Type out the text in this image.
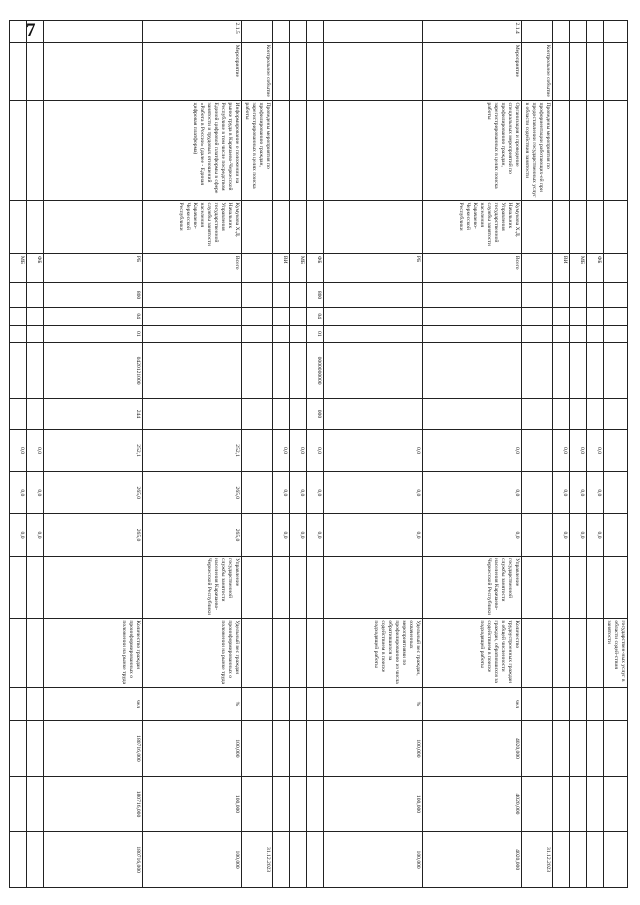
7
														государствен-ных услуг в области содей-ствия занятости				
				ФБ						0,0	0,0	0,0						
				МБ						0,0	0,0	0,0						
				ВИ						0,0	0,0	0,0						
	Контрольное событие	Проведены мероприятия по профориентации работающих-ей при предоставлении государственных услуг в области содействия занятости																31.12.2023
2.1.4	Мероприятие	Организация и проведение специальных мероприятий по профилированию граждан, зарегистрированных в целях поиска работы	Кумукова Х.Д. Начальник Управления государственной службы занятости населения Карачаево-Черкесской Республики	Всего						0,0	0,0	0,0	Управление государственной службы занятости населения Карачаево-Черкесской Республики	Количество трудоустроенных граждан в общей численности граждан, обратившихся за содействием в поиске подходящей работы	чел	4020,000	4020,000	4020,000
				РБ						0,0	0,0	0,0		Удельный вес граждан, охваченных мероприятиями по профилированию из числа обратившихся за содействием в поиске подходящей работы	%	100,000	100,000	100,000
				ФБ	800	04	01	0000000000	000	0,0	0,0	0,0						
				МБ						0,0	0,0	0,0						
				ВИ						0,0	0,0	0,0						
	Контрольное событие	Проведены мероприятия по профилированию граждан, зарегистрированных в целях поиска работы																31.12.2023
2.1.5	Мероприятие	Информирование о положении на рынке труда в Карачаево-Черкесской Республике в том числе посредством Единой цифровой платформы в сфере занятости и трудовых отношений «Работа в России» (далее - Единая цифровая платформа)	Кумукова Х.Д. Начальник Управления государственной службы занятости населения Карачаево-Черкесской Республики	Всего						252,1	265,0	265,0	Управление государственной службы занятости населения Карачаево-Черкесской Республики	Удельный вес граждан проинформированных о положении на рынке труда	%	100,000	100,000	100,000
				РБ	800	04	01	0420121000	244	252,1	265,0	265,0		Количество граждан проинформированных о положении на рынке труда	чел	180716,000	180716,000	180716,000
				ФБ						0,0	0,0	0,0						
				МБ						0,0	0,0	0,0						
